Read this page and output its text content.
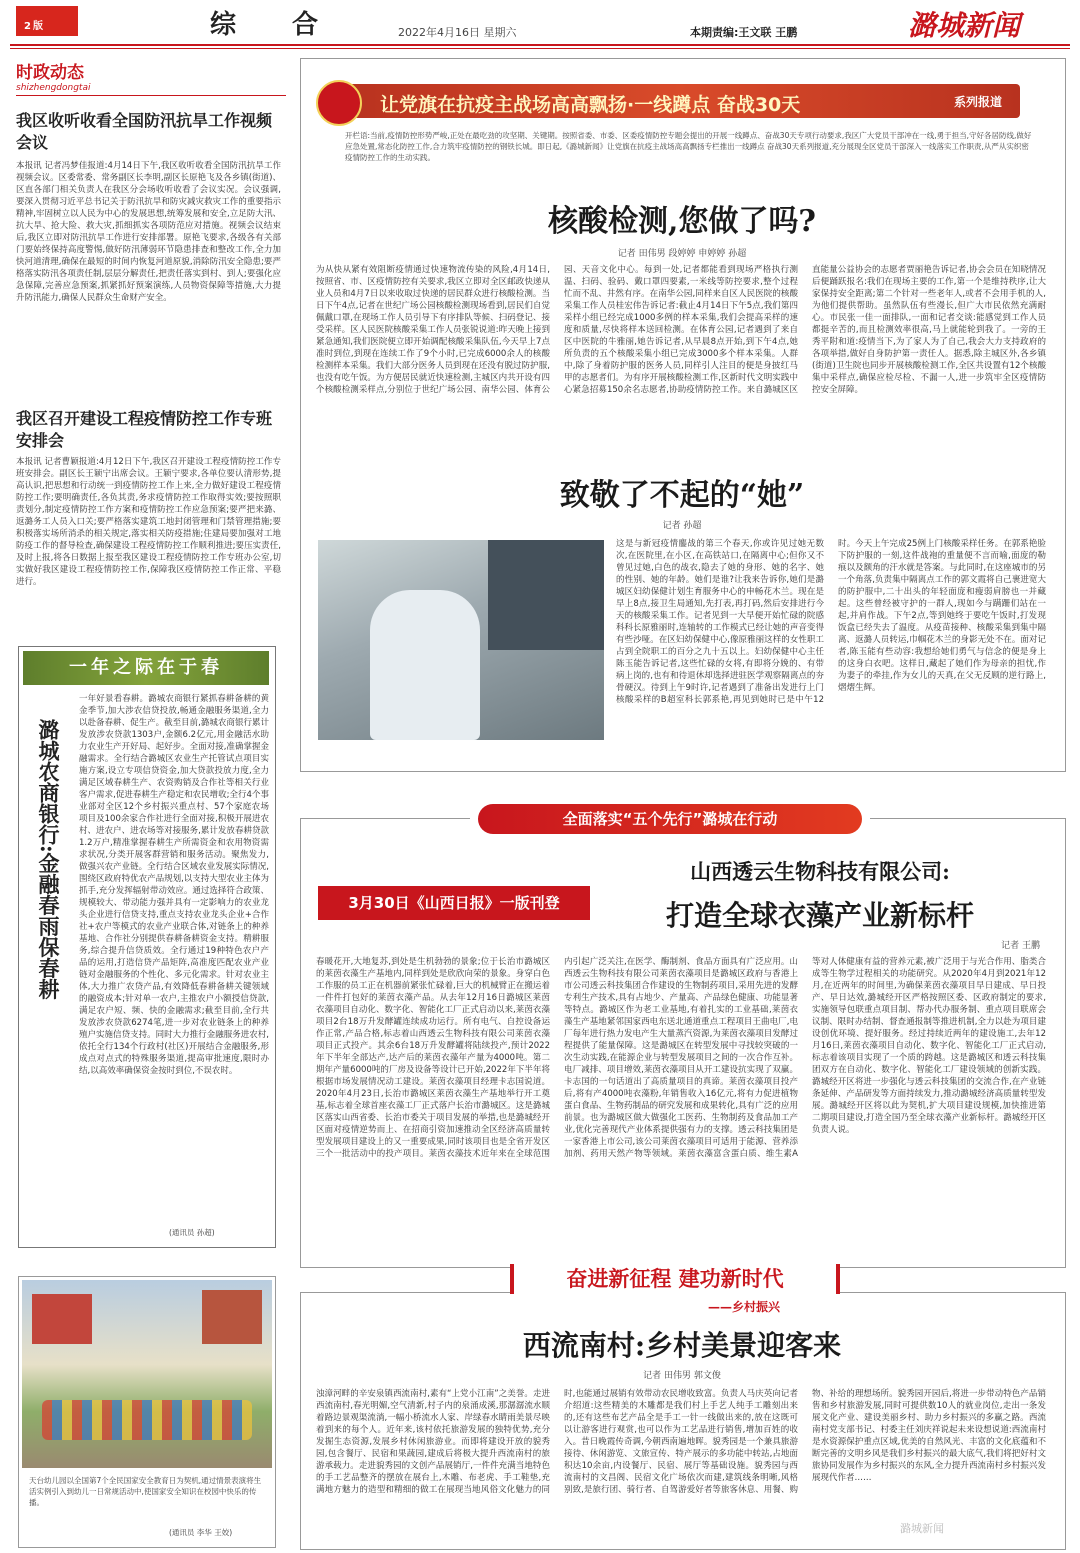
2 版	综合 2022年4月16日 星期六	本期责编:王文联 王鹏	潞城新闻
时政动态
shizhengdongtai
我区收听收看全国防汛抗旱工作视频会议
本报讯 记者冯梦佳报道:4月14日下午,我区收听收看全国防汛抗旱工作视频会议。区委常委、常务副区长李明,副区长原艳飞及各乡镇(街道)、区直各部门相关负责人在我区分会场收听收看了会议实况。会议强调,要深入贯彻习近平总书记关于防汛抗旱和防灾减灾救灾工作的重要指示精神,牢固树立以人民为中心的发展思想,统筹发展和安全,立足防大汛、抗大旱、抢大险、救大灾,抓细抓实各项防范应对措施。视频会议结束后,我区立即对防汛抗旱工作进行安排部署。原艳飞要求,各级各有关部门要始终保持高度警惕,做好防汛薄弱环节隐患排查和整改工作,全力加快河道清理,确保在最短的时间内恢复河道原貌,消除防汛安全隐患;要严格落实防汛各项责任制,层层分解责任,把责任落实到村、到人;要强化应急保障,完善应急预案,抓紧抓好预案演练,人员物资保障等措施,大力提升防汛能力,确保人民群众生命财产安全。
我区召开建设工程疫情防控工作专班安排会
本报讯 记者曹颖报道:4月12日下午,我区召开建设工程疫情防控工作专班安排会。副区长王颖宁出席会议。王颖宁要求,各单位要认清形势,提高认识,把思想和行动统一到疫情防控工作上来,全力做好建设工程疫情防控工作;要明确责任,各负其责,务求疫情防控工作取得实效;要按照职责划分,制定疫情防控工作方案和疫情防控工作应急预案;要严把来潞、返潞务工人员入口关;要严格落实建筑工地封闭管理和门禁管理措施;要积极落实场所消杀的相关规定,落实相关防疫措施;住建局要加强对工地防疫工作的督导检查,确保建设工程疫情防控工作顺利推进;要压实责任,及时上报,将各日数据上报至我区建设工程疫情防控工作专班办公室,切实做好我区建设工程疫情防控工作,保障我区疫情防控工作正常、平稳进行。
一年之际在于春
潞城农商银行:金融春雨保春耕
一年好景看春耕。潞城农商银行紧抓春耕备耕的黄金季节,加大涉农信贷投放,畅通金融服务渠道,全力以赴备春耕、促生产。截至目前,潞城农商银行累计发放涉农贷款1303户,金额6.2亿元,用金融活水助力农业生产开好局、起好步。全面对接,准确掌握金融需求。全行结合潞城区农业生产托管试点项目实施方案,设立专项信贷资金,加大贷款投放力度,全力满足区域春耕生产、农资购销及合作社等相关行业客户需求,促进春耕生产稳定和农民增收;全行4个事业部对全区12个乡村振兴重点村、57个家庭农场项目及100余家合作社进行全面对接,积极开展进农村、进农户、进农场等对接服务,累计发放春耕贷款1.2万户,精准掌握春耕生产所需资金和农用物资需求状况,分类开展客群营销和服务活动。聚焦发力,做强兴农产业链。全行结合区域农业发展实际情况,围绕区政府特优农产品规划,以支持大型农业主体为抓手,充分发挥辐射带动效应。通过选择符合政策、规模较大、带动能力强并具有一定影响力的农业龙头企业进行信贷支持,重点支持农业龙头企业+合作社+农户等模式的农业产业联合体,对链条上的种养基地、合作社分别提供春耕备耕资金支持。精耕服务,综合提升信贷质效。全行通过19种特色农户产品的运用,打造信贷产品矩阵,高准度匹配农业产业链对金融服务的个性化、多元化需求。针对农业主体,大力推广农贷产品,有效降低春耕备耕关键领域的融资成本;针对单一农户,主推农户小额授信贷款,满足农户短、频、快的金融需求;截至目前,全行共发放涉农贷款6274笔,进一步对农业链条上的种养殖户实施信贷支持。同时大力推行金融服务进农村,依托全行134个行政村(社区)开展结合金融服务,形成点对点式的特殊服务渠道,提高审批速度,限时办结,以高效率确保资金按时到位,不误农时。
(通讯员 孙超)
天台幼儿园以全国第7个全民国家安全教育日为契机,通过情景表演将生活实例引入到幼儿一日常规活动中,使国家安全知识在校园中快乐的传播。
(通讯员 李华 王姣)
让党旗在抗疫主战场高高飘扬·一线蹲点 奋战30天	系列报道
开栏语:当前,疫情防控形势严峻,正处在最吃劲的攻坚期、关键期。按照省委、市委、区委疫情防控专题会提出的开展一线蹲点、奋战30天专项行动要求,我区广大党员干部冲在一线,勇于担当,守好各居防线,做好应急处置,常态化防控工作,合力筑牢疫情防控的钢铁长城。即日起,《潞城新闻》让党旗在抗疫主战场高高飘扬专栏推出一线蹲点 奋战30天系列报道,充分展现全区党员干部深入一线落实工作职责,从严从实织密疫情防控工作的生动实践。
核酸检测,您做了吗?
记者 田伟男 段婷婷 申婷婷 孙超
为从快从紧有效阻断疫情通过快速物流传染的风险,4月14日,按照省、市、区疫情防控有关要求,我区立即对全区邮政快递从业人员和4月7日以来收取过快递的居民群众进行核酸检测。当日下午4点,记者在世纪广场公园核酸检测现场看到,居民们自觉佩戴口罩,在现场工作人员引导下有序排队等候、扫码登记、接受采样。区人民医院核酸采集工作人员张锐说道:昨天晚上接到紧急通知,我们医院便立即开始调配核酸采集队伍,今天早上7点准时到位,到现在连续工作了9个小时,已完成6000余人的核酸检测样本采集。我们大部分医务人员到现在还没有脱过防护服,也没有吃午饭。为方便居民就近快速检测,主城区内共开设有四个核酸检测采样点,分别位于世纪广场公园、南华公园、体育公园、天音文化中心。每到一处,记者都能看到现场严格执行测温、扫码、验码、戴口罩四要素,一米线等防控要求,整个过程忙而不乱、井然有序。在南华公园,同样来自区人民医院的核酸采集工作人员桂宏伟告诉记者:截止4月14日下午5点,我们第四采样小组已经完成1000多例的样本采集,我们会提高采样的速度和质量,尽快将样本送回检测。在体育公园,记者遇到了来自区中医院的牛雅丽,她告诉记者,从早晨8点开始,到下午4点,她所负责的五个核酸采集小组已完成3000多个样本采集。人群中,除了身着防护服的医务人员,同样引人注目的便是身披红马甲的志愿者们。为有序开展核酸检测工作,区新时代文明实践中心紧急招募150余名志愿者,协助疫情防控工作。来自潞城区区直能量公益协会的志愿者贾丽艳告诉记者,协会会员在知晓情况后便踊跃报名:我们在现场主要的工作,第一个是维持秩序,让大家保持安全距离;第二个针对一些老年人,或者不会用手机的人,为他们提供帮助。虽然队伍有些漫长,但广大市民依然充满耐心。市民张一佳一面排队,一面和记者交谈:能感觉到工作人员都挺辛苦的,而且检测效率很高,马上就能轮到我了。一旁的王秀平附和道:疫情当下,为了家人为了自己,我会大力支持政府的各项举措,做好自身防护第一责任人。据悉,除主城区外,各乡镇(街道)卫生院也同步开展核酸检测工作,全区共设置有12个核酸集中采样点,确保应检尽检、不漏一人,进一步筑牢全区疫情防控安全屏障。
致敬了不起的“她”
记者 孙超
这是与新冠疫情鏖战的第三个春天,你或许见过她无数次,在医院里,在小区,在高铁站口,在隔离中心;但你又不曾见过她,白色的战衣,隐去了她的身形、她的名字、她的性别、她的年龄。她们是谁?让我来告诉你,她们是潞城区妇幼保健计划生育服务中心的申畅花木兰。现在是早上8点,接卫生局通知,先打表,再打码,然后安排进行今天的核酸采集工作。记者见到一大早便开始忙碌的院感科科长原雅丽时,连轴转的工作模式已经让她的声音变得有些沙哑。在区妇幼保健中心,像原雅丽这样的女性职工占到全院职工的百分之九十五以上。妇幼保健中心主任陈玉能告诉记者,这些忙碌的女将,有即将分娩的、有带病上岗的,也有和待退休却选择进驻医学观察隔离点的夯骨硬汉。待到上午9时许,记者遇到了准备出发进行上门核酸采样的B超室科长郭系艳,再见到她时已是中午12时。今天上午完成25例上门核酸采样任务。在郭系艳脸下防护服的一刻,这件战袍的重量便不言而喻,面庞的勒痕以及额角的汗水就是答案。与此同时,在这座城市的另一个角落,负责集中隔离点工作的郭文霞将自己裹进宽大的防护服中,二十出头的年轻面庞和瘦弱肩膀也一并藏起。这些曾经被守护的一群人,现如今与蹒跚们站在一起,并肩作战。下午2点,等到她终于要吃午饭时,打发现饭盒已经失去了温度。从疫苗接种、核酸采集到集中隔离、返潞人员转运,巾帼花木兰的身影无处不在。面对记者,陈玉能有些动容:我想给她们勇气与信念的便是身上的这身白衣吧。这样日,藏起了她们作为母亲的担忧,作为妻子的牵挂,作为女儿的天真,在父无反顾的逆行路上,熠熠生辉。
全面落实“五个先行”潞城在行动
3月30日《山西日报》一版刊登
山西透云生物科技有限公司:
打造全球衣藻产业新标杆
记者 王鹏
春暖花开,大地复苏,到处是生机勃勃的景象;位于长治市潞城区的莱茵衣藻生产基地内,同样到处是欣欣向荣的景象。身穿白色工作服的员工正在机器前紧张忙碌着,巨大的机械臂正在搬运着一件件打包好的莱茵衣藻产品。从去年12月16日潞城区莱茵衣藻项目自动化、数字化、智能化工厂正式启动以来,莱茵衣藻项目2台18万升发酵罐连续成功运行。所有电气、自控设备运作正常,产品合格,标志着山西透云生物科技有限公司莱茵衣藻项目正式投产。其余6台18万升发酵罐将陆续投产,预计2022年下半年全部达产,达产后的莱茵衣藻年产量为4000吨。第二期年产量6000吨的厂房及设备等设计已开始,2022年下半年将根据市场发展情况动工建设。莱茵衣藻项目经理卡志国说道。2020年4月23日,长治市潞城区莱茵衣藻生产基地举行开工奠基,标志着全球首座衣藻工厂正式落户长治市潞城区。这是潞城区落实山西省委、长治市委关于项目发展的举措,也是潞城经开区面对疫情逆势而上、在招商引资加速推动全区经济高质量转型发展项目建设上的又一重要成果,同时该项目也是全省开发区三个一批活动中的投产项目。莱茵衣藻技术近年来在全球范围内引起广泛关注,在医学、酶制剂、食品方面具有广泛应用。山西透云生物科技有限公司莱茵衣藻项目是潞城区政府与香港上市公司透云科技集团合作建设的生物制药项目,采用先进的发酵专利生产技术,具有占地少、产量高、产品绿色健康、功能显著等特点。潞城区作为老工业基地,有着扎实的工业基础,莱茵衣藻生产基地紧邻国家西电东送北通道重点工程项目王曲电厂,电厂每年进行热力发电产生大量蒸汽资源,为莱茵衣藻项目发酵过程提供了能量保障。这是潞城区在转型发展中寻找较突破的一次生动实践,在能源企业与转型发展项目之间的一次合作互补。电厂减排、项目增效,莱茵衣藻项目从开工建设抗实现了双赢。卡志国的一句话道出了高质量项目的真谛。莱茵衣藻项目投产后,将有产4000吨衣藻粉,年销售收入16亿元,将有力促进植物蛋白食品、生物药制品的研究发展和成果转化,具有广泛的应用前景。也为潞城区做大做强化工医药、生物制药及食品加工产业,优化完善现代产业体系提供强有力的支撑。透云科技集团是一家香港上市公司,该公司莱茵衣藻项目可适用于能源、营养添加剂、药用天然产物等领域。莱茵衣藻富含蛋白质、维生素A等对人体健康有益的营养元素,被广泛用于与光合作用、脂类合成等生物学过程相关的功能研究。从2020年4月到2021年12月,在近两年的时间里,为确保莱茵衣藻项目早日建成、早日投产、早日达效,潞城经开区严格按照区委、区政府制定的要求,实施领导包联重点项目制、帮办代办服务制、重点项目联席会议制、限时办结制、督查通报制等推进机制,全力以赴为项目建设创优环境、提好服务。经过持续近两年的建设施工,去年12月16日,莱茵衣藻项目自动化、数字化、智能化工厂正式启动,标志着该项目实现了一个质的跨越。这是潞城区和透云科技集团双方在自动化、数字化、智能化工厂建设领域的创新实践。潞城经开区将进一步强化与透云科技集团的交流合作,在产业链条延伸、产品研发等方面持续发力,推动潞城经济高质量转型发展。潞城经开区将以此为契机,扩大项目建设规模,加快推进第二期项目建设,打造全国乃至全球衣藻产业新标杆。潞城经开区负责人说。
奋进新征程 建功新时代
——乡村振兴
西流南村:乡村美景迎客来
记者 田伟男 郭文俊
浊漳河畔的辛安泉镇西流南村,素有“上党小江南”之美誉。走进西流南村,春光明媚,空气清新,村子内的泉涌成溪,那潺潺流水顺着路边景观渠流淌,一幅小桥流水人家、岸绿春水睛雨美景尽映着到来的每个人。近年来,该村依托旅游发展的独特优势,充分发掘生态资源,发展乡村休闲旅游业。而即将建设开放的貌秀园,包含餐厅、民宿和果蔬园,建成后将极大提升西流南村的旅游承载力。走进貌秀园的文创产品展销厅,一件件充满当地特色的手工艺品整齐的摆放在展台上,木雕、布老虎、手工鞋垫,充满地方魅力的造型和精细的做工在展现当地风俗文化魅力的同时,也能通过展销有效带动农民增收致富。负责人马庆英向记者介绍道:这些精美的木雕都是我们村上手艺人纯手工雕刻出来的,还有这些布艺产品全是手工一针一线做出来的,放在这既可以让游客进行观赏,也可以作为工艺品进行销售,增加百姓的收入。昔日晚霞传奇调,今朝西南遍地晖。貌秀园是一个兼具旅游接待、休闲游览、文旅宣传、特产展示的多功能中转站,占地面积达10余亩,内设餐厅、民宿、展厅等基础设施。貌秀园与西流南村的文昌阁、民宿文化广场依次而建,建筑线条明晰,风格别致,是旅行团、骑行者、自驾游爱好者等旅客休息、用餐、购物、补给的理想场所。貌秀园开园后,将进一步带动特色产品销售和乡村旅游发展,同时可提供数10人的就业岗位,走出一条发展文化产业、建设美丽乡村、助力乡村振兴的多赢之路。西流南村党支部书记、村委主任刘庆祥说起未来设想说道:西流南村是水资源保护重点区域,优美的自然风光、丰富的文化底蕴和不断完善的文明乡风是我们乡村振兴的最大底气,我们将把好村文旅协同发展作为乡村振兴的东风,全力提升西流南村乡村振兴发展现代作者……
潞城新闻
